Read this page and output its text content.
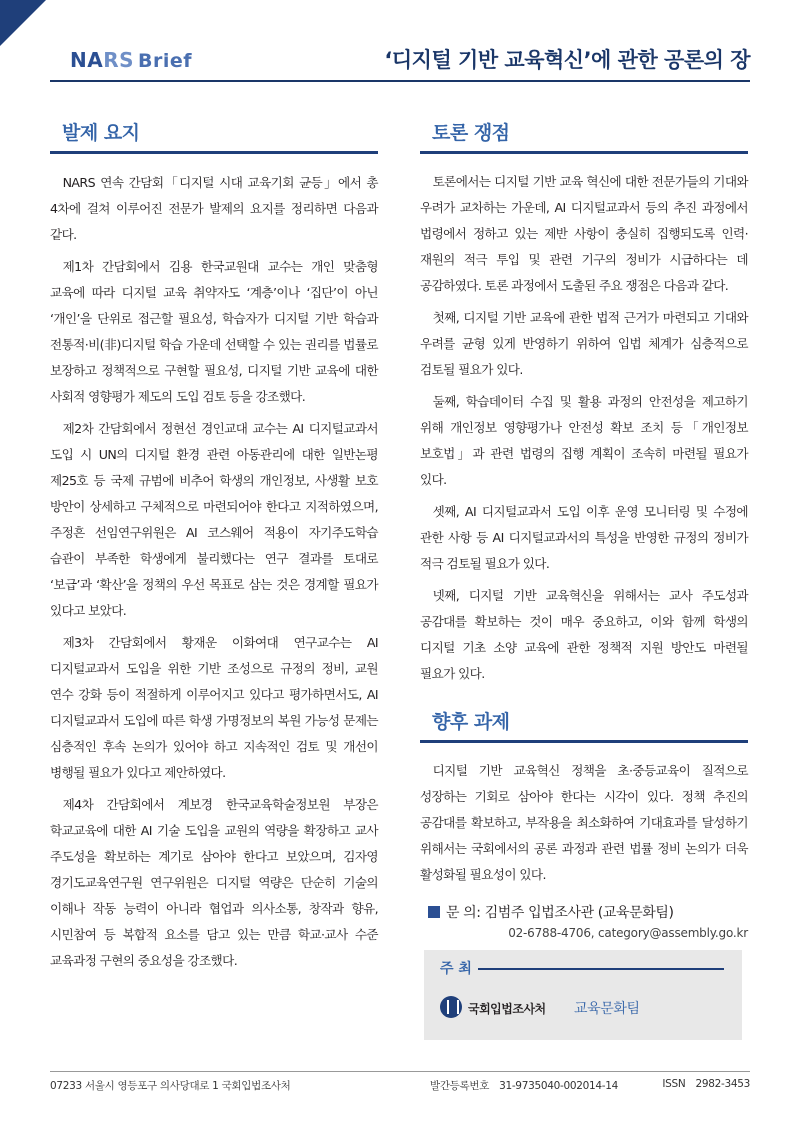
NARS Brief	‘디지털 기반 교육혁신’에 관한 공론의 장
발제 요지

NARS 연속 간담회「디지털 시대 교육기회 균등」에서 총 4차에 걸쳐 이루어진 전문가 발제의 요지를 정리하면 다음과 같다.

제1차 간담회에서 김용 한국교원대 교수는 개인 맞춤형 교육에 따라 디지털 교육 취약자도 ‘계층’이나 ‘집단’이 아닌 ‘개인’을 단위로 접근할 필요성, 학습자가 디지털 기반 학습과 전통적·비(非)디지털 학습 가운데 선택할 수 있는 권리를 법률로 보장하고 정책적으로 구현할 필요성, 디지털 기반 교육에 대한 사회적 영향평가 제도의 도입 검토 등을 강조했다.

제2차 간담회에서 정현선 경인교대 교수는 AI 디지털교과서 도입 시 UN의 디지털 환경 관련 아동관리에 대한 일반논평 제25호 등 국제 규범에 비추어 학생의 개인정보, 사생활 보호 방안이 상세하고 구체적으로 마련되어야 한다고 지적하였으며, 주정흔 선임연구위원은 AI 코스웨어 적용이 자기주도학습 습관이 부족한 학생에게 불리했다는 연구 결과를 토대로 ‘보급’과 ‘확산’을 정책의 우선 목표로 삼는 것은 경계할 필요가 있다고 보았다.

제3차 간담회에서 황재운 이화여대 연구교수는 AI 디지털교과서 도입을 위한 기반 조성으로 규정의 정비, 교원 연수 강화 등이 적절하게 이루어지고 있다고 평가하면서도, AI 디지털교과서 도입에 따른 학생 가명정보의 복원 가능성 문제는 심층적인 후속 논의가 있어야 하고 지속적인 검토 및 개선이 병행될 필요가 있다고 제안하였다.

제4차 간담회에서 계보경 한국교육학술정보원 부장은 학교교육에 대한 AI 기술 도입을 교원의 역량을 확장하고 교사 주도성을 확보하는 계기로 삼아야 한다고 보았으며, 김자영 경기도교육연구원 연구위원은 디지털 역량은 단순히 기술의 이해나 작동 능력이 아니라 협업과 의사소통, 창작과 향유, 시민참여 등 복합적 요소를 담고 있는 만큼 학교·교사 수준 교육과정 구현의 중요성을 강조했다.

토론 쟁점

토론에서는 디지털 기반 교육 혁신에 대한 전문가들의 기대와 우려가 교차하는 가운데, AI 디지털교과서 등의 추진 과정에서 법령에서 정하고 있는 제반 사항이 충실히 집행되도록 인력·재원의 적극 투입 및 관련 기구의 정비가 시급하다는 데 공감하였다. 토론 과정에서 도출된 주요 쟁점은 다음과 같다.

첫째, 디지털 기반 교육에 관한 법적 근거가 마련되고 기대와 우려를 균형 있게 반영하기 위하여 입법 체계가 심층적으로 검토될 필요가 있다.

둘째, 학습데이터 수집 및 활용 과정의 안전성을 제고하기 위해 개인정보 영향평가나 안전성 확보 조치 등「개인정보 보호법」과 관련 법령의 집행 계획이 조속히 마련될 필요가 있다.

셋째, AI 디지털교과서 도입 이후 운영 모니터링 및 수정에 관한 사항 등 AI 디지털교과서의 특성을 반영한 규정의 정비가 적극 검토될 필요가 있다.

넷째, 디지털 기반 교육혁신을 위해서는 교사 주도성과 공감대를 확보하는 것이 매우 중요하고, 이와 함께 학생의 디지털 기초 소양 교육에 관한 정책적 지원 방안도 마련될 필요가 있다.

향후 과제

디지털 기반 교육혁신 정책을 초·중등교육이 질적으로 성장하는 기회로 삼아야 한다는 시각이 있다. 정책 추진의 공감대를 확보하고, 부작용을 최소화하여 기대효과를 달성하기 위해서는 국회에서의 공론 과정과 관련 법률 정비 논의가 더욱 활성화될 필요성이 있다.

문 의: 김범주 입법조사관 (교육문화팀)
02-6788-4706, category@assembly.go.kr
주 최
국회입법조사처 교육문화팀
07233 서울시 영등포구 의사당대로 1 국회입법조사처	발간등록번호 31-9735040-002014-14	ISSN 2982-3453
